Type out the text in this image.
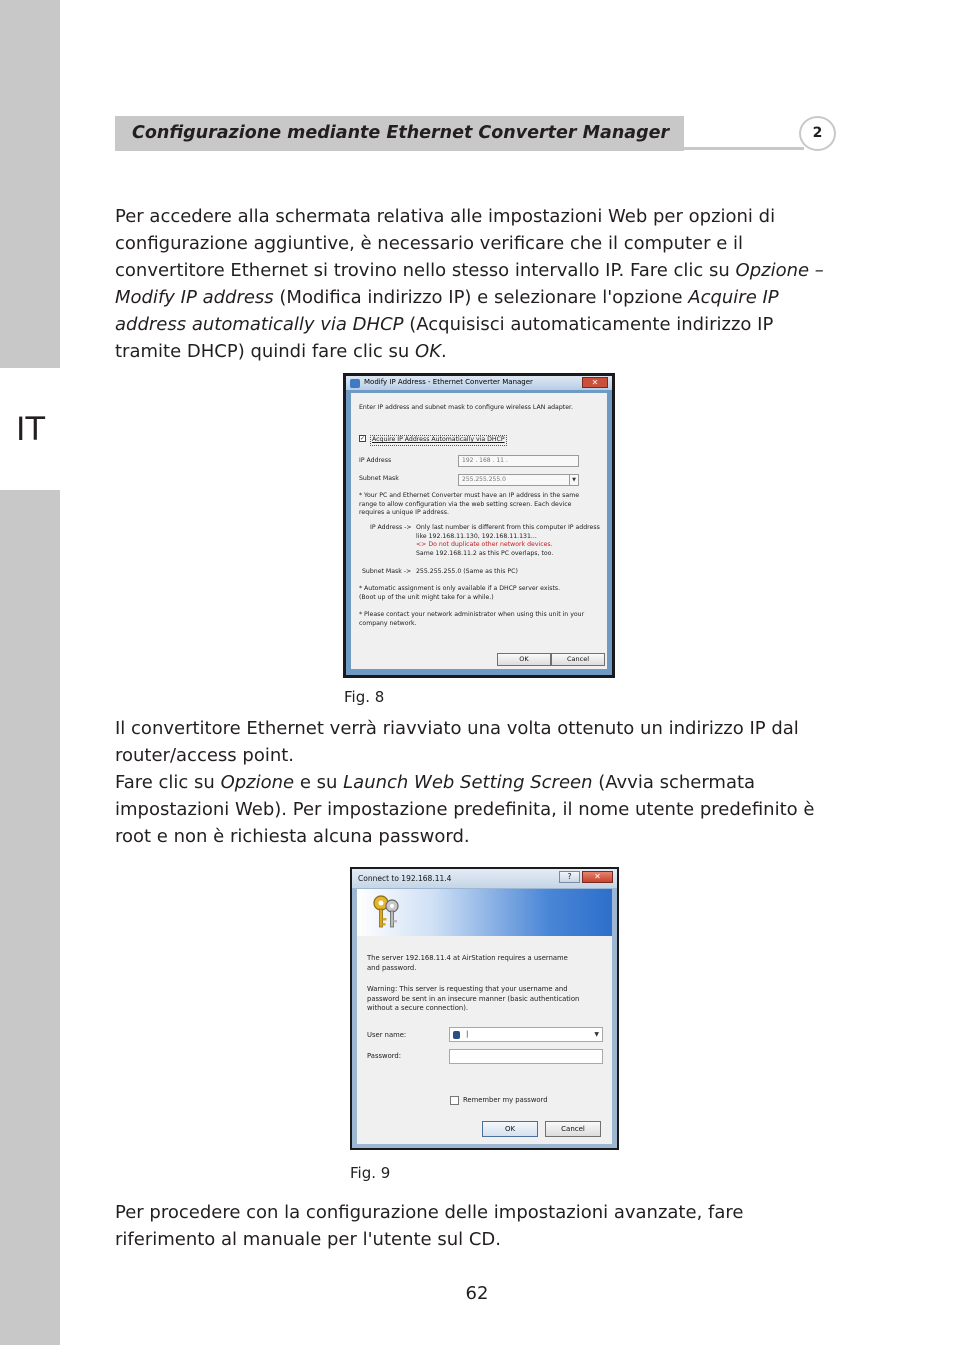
IT
Configurazione mediante Ethernet Converter Manager	2
Per accedere alla schermata relativa alle impostazioni Web per opzioni di configurazione aggiuntive, è necessario verificare che il computer e il convertitore Ethernet si trovino nello stesso intervallo IP. Fare clic su Opzione – Modify IP address (Modifica indirizzo IP) e selezionare l'opzione Acquire IP address automatically via DHCP (Acquisisci automaticamente indirizzo IP tramite DHCP) quindi fare clic su OK.
Modify IP Address - Ethernet Converter Manager	✕
Enter IP address and subnet mask to configure wireless LAN adapter.
✓	Acquire IP Address Automatically via DHCP
IP Address	192 . 168 . 11 .
Subnet Mask	255.255.255.0	▼
* Your PC and Ethernet Converter must have an IP address in the same
range to allow configuration via the web setting screen. Each device
requires a unique IP address.
IP Address -> Only last number is different from this computer IP address
like 192.168.11.130, 192.168.11.131...
<> Do not duplicate other network devices.
Same 192.168.11.2 as this PC overlaps, too.
Subnet Mask -> 255.255.255.0 (Same as this PC)
* Automatic assignment is only available if a DHCP server exists.
(Boot up of the unit might take for a while.)
* Please contact your network administrator when using this unit in your
company network.
OK	Cancel
Fig. 8
Il convertitore Ethernet verrà riavviato una volta ottenuto un indirizzo IP dal router/access point.
Fare clic su Opzione e su Launch Web Setting Screen (Avvia schermata impostazioni Web). Per impostazione predefinita, il nome utente predefinito è root e non è richiesta alcuna password.
Connect to 192.168.11.4	?	✕
The server 192.168.11.4 at AirStation requires a username
and password.
Warning: This server is requesting that your username and
password be sent in an insecure manner (basic authentication
without a secure connection).
User name:	|	▼
Password:
Remember my password
OK	Cancel
Fig. 9
Per procedere con la configurazione delle impostazioni avanzate, fare riferimento al manuale per l'utente sul CD.
62
